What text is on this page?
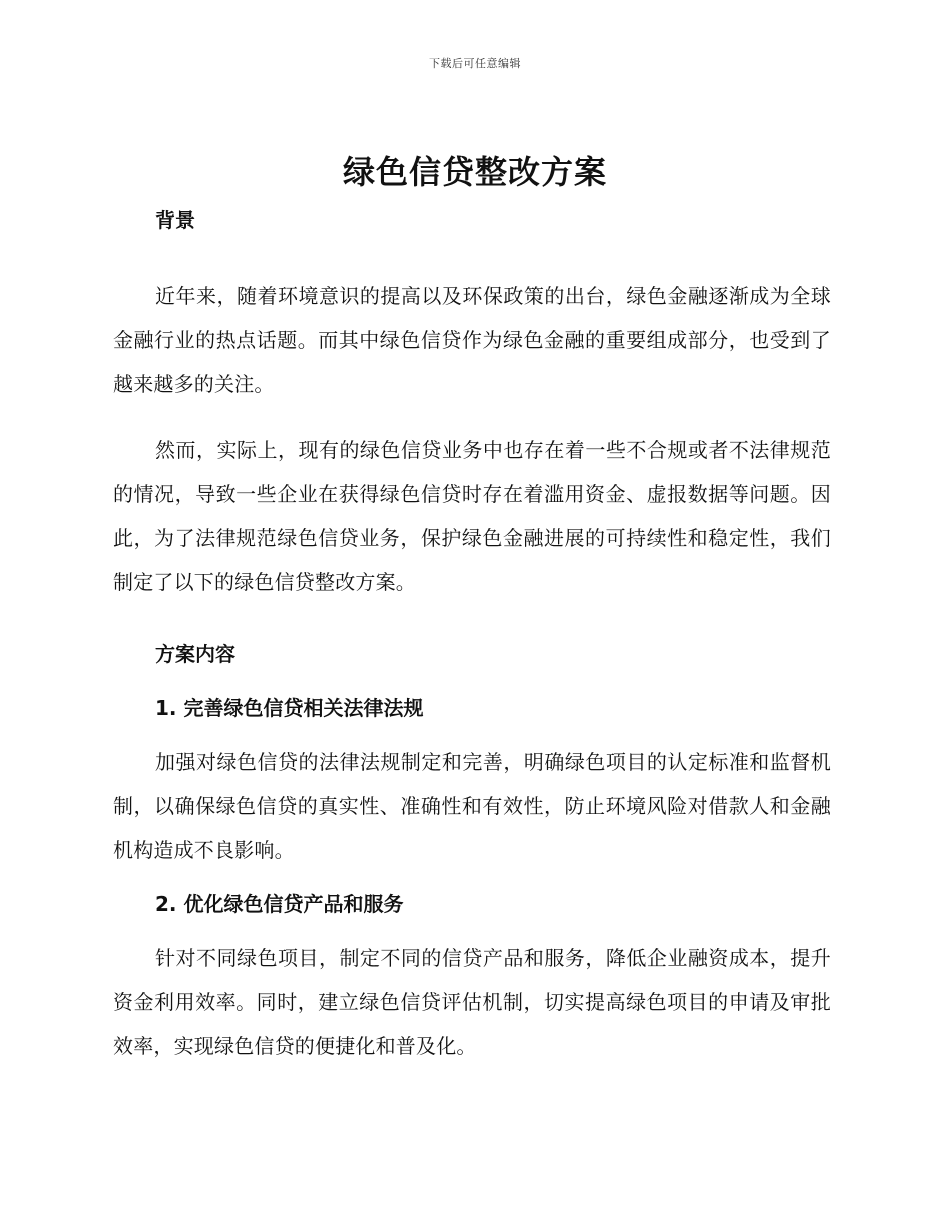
下载后可任意编辑
绿色信贷整改方案
背景

近年来，随着环境意识的提高以及环保政策的出台，绿色金融逐渐成为全球金融行业的热点话题。而其中绿色信贷作为绿色金融的重要组成部分，也受到了越来越多的关注。

然而，实际上，现有的绿色信贷业务中也存在着一些不合规或者不法律规范的情况，导致一些企业在获得绿色信贷时存在着滥用资金、虚报数据等问题。因此，为了法律规范绿色信贷业务，保护绿色金融进展的可持续性和稳定性，我们制定了以下的绿色信贷整改方案。

方案内容
1. 完善绿色信贷相关法律法规

加强对绿色信贷的法律法规制定和完善，明确绿色项目的认定标准和监督机制，以确保绿色信贷的真实性、准确性和有效性，防止环境风险对借款人和金融机构造成不良影响。

2. 优化绿色信贷产品和服务

针对不同绿色项目，制定不同的信贷产品和服务，降低企业融资成本，提升资金利用效率。同时，建立绿色信贷评估机制，切实提高绿色项目的申请及审批效率，实现绿色信贷的便捷化和普及化。
